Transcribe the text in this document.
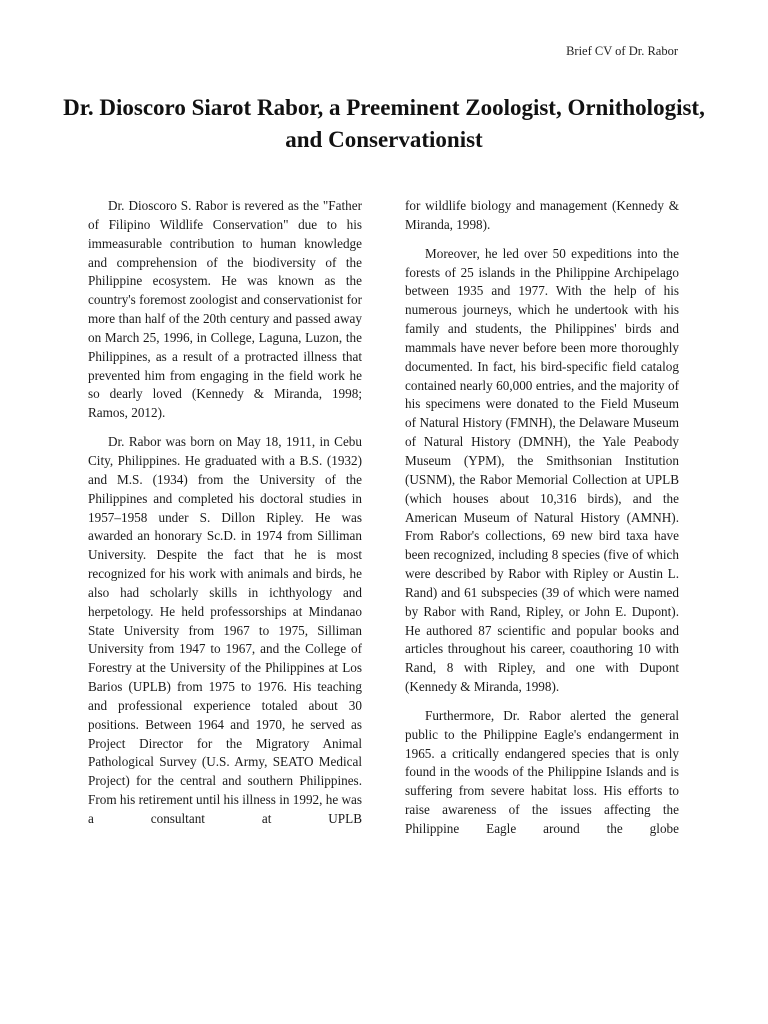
Brief CV of Dr. Rabor
Dr. Dioscoro Siarot Rabor, a Preeminent Zoologist, Ornithologist, and Conservationist

Dr. Dioscoro S. Rabor is revered as the "Father of Filipino Wildlife Conservation" due to his immeasurable contribution to human knowledge and comprehension of the biodiversity of the Philippine ecosystem. He was known as the country's foremost zoologist and conservationist for more than half of the 20th century and passed away on March 25, 1996, in College, Laguna, Luzon, the Philippines, as a result of a protracted illness that prevented him from engaging in the field work he so dearly loved (Kennedy & Miranda, 1998; Ramos, 2012).

Dr. Rabor was born on May 18, 1911, in Cebu City, Philippines. He graduated with a B.S. (1932) and M.S. (1934) from the University of the Philippines and completed his doctoral studies in 1957–1958 under S. Dillon Ripley. He was awarded an honorary Sc.D. in 1974 from Silliman University. Despite the fact that he is most recognized for his work with animals and birds, he also had scholarly skills in ichthyology and herpetology. He held professorships at Mindanao State University from 1967 to 1975, Silliman University from 1947 to 1967, and the College of Forestry at the University of the Philippines at Los Barios (UPLB) from 1975 to 1976. His teaching and professional experience totaled about 30 positions. Between 1964 and 1970, he served as Project Director for the Migratory Animal Pathological Survey (U.S. Army, SEATO Medical Project) for the central and southern Philippines. From his retirement until his illness in 1992, he was a consultant at UPLB

for wildlife biology and management (Kennedy & Miranda, 1998).

Moreover, he led over 50 expeditions into the forests of 25 islands in the Philippine Archipelago between 1935 and 1977. With the help of his numerous journeys, which he undertook with his family and students, the Philippines' birds and mammals have never before been more thoroughly documented. In fact, his bird-specific field catalog contained nearly 60,000 entries, and the majority of his specimens were donated to the Field Museum of Natural History (FMNH), the Delaware Museum of Natural History (DMNH), the Yale Peabody Museum (YPM), the Smithsonian Institution (USNM), the Rabor Memorial Collection at UPLB (which houses about 10,316 birds), and the American Museum of Natural History (AMNH). From Rabor's collections, 69 new bird taxa have been recognized, including 8 species (five of which were described by Rabor with Ripley or Austin L. Rand) and 61 subspecies (39 of which were named by Rabor with Rand, Ripley, or John E. Dupont). He authored 87 scientific and popular books and articles throughout his career, coauthoring 10 with Rand, 8 with Ripley, and one with Dupont (Kennedy & Miranda, 1998).

Furthermore, Dr. Rabor alerted the general public to the Philippine Eagle's endangerment in 1965. a critically endangered species that is only found in the woods of the Philippine Islands and is suffering from severe habitat loss. His efforts to raise awareness of the issues affecting the Philippine Eagle around the globe
